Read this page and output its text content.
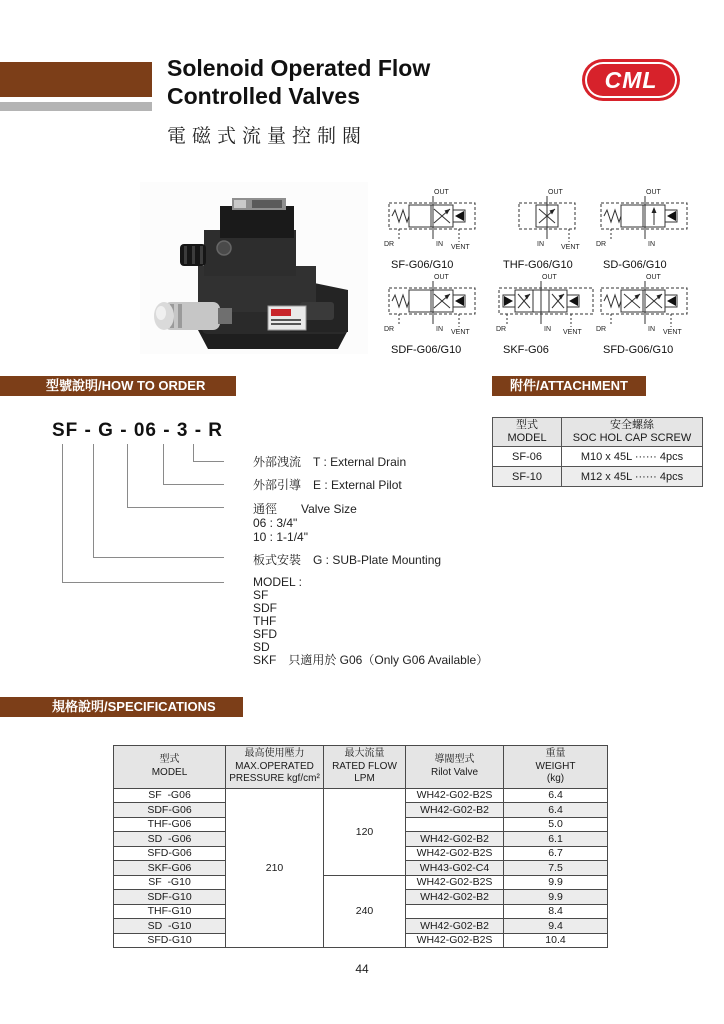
Solenoid Operated Flow
Controlled Valves
電磁式流量控制閥
CML
OUT
IN
DR	VENT
SF-G06/G10
OUT
IN VENT
THF-G06/G10
OUT
IN
DR
SD-G06/G10
OUT
IN
DR	VENT
SDF-G06/G10
OUT
IN
DR	VENT
SKF-G06
OUT
IN
DR	VENT
SFD-G06/G10
型號說明/HOW TO ORDER	附件/ATTACHMENT
規格說明/SPECIFICATIONS
SF - G - 06 - 3 - R
外部洩流　T : External Drain
外部引導　E : External Pilot
通徑　　Valve Size
06 : 3/4"
10 : 1-1/4"
板式安裝　G : SUB-Plate Mounting
MODEL :
SF
SDF
THF
SFD
SD
SKF　只適用於 G06（Only G06 Available）
型式
MODEL

安全螺絲
SOC HOL CAP SCREW

SF-06	M10 x 45L ······ 4pcs
SF-10	M12 x 45L ······ 4pcs
型式
MODEL

最高使用壓力
MAX.OPERATED
PRESSURE kgf/cm²

最大流量
RATED FLOW
LPM

導閥型式
Rilot Valve

重量
WEIGHT
(kg)

SF  -G06	210	120	WH42-G02-B2S	6.4
SDF-G06			WH42-G02-B2	6.4
THF-G06				5.0
SD  -G06			WH42-G02-B2	6.1
SFD-G06			WH42-G02-B2S	6.7
SKF-G06			WH43-G02-C4	7.5
SF  -G10		240	WH42-G02-B2S	9.9
SDF-G10			WH42-G02-B2	9.9
THF-G10				8.4
SD  -G10			WH42-G02-B2	9.4
SFD-G10			WH42-G02-B2S	10.4
44
